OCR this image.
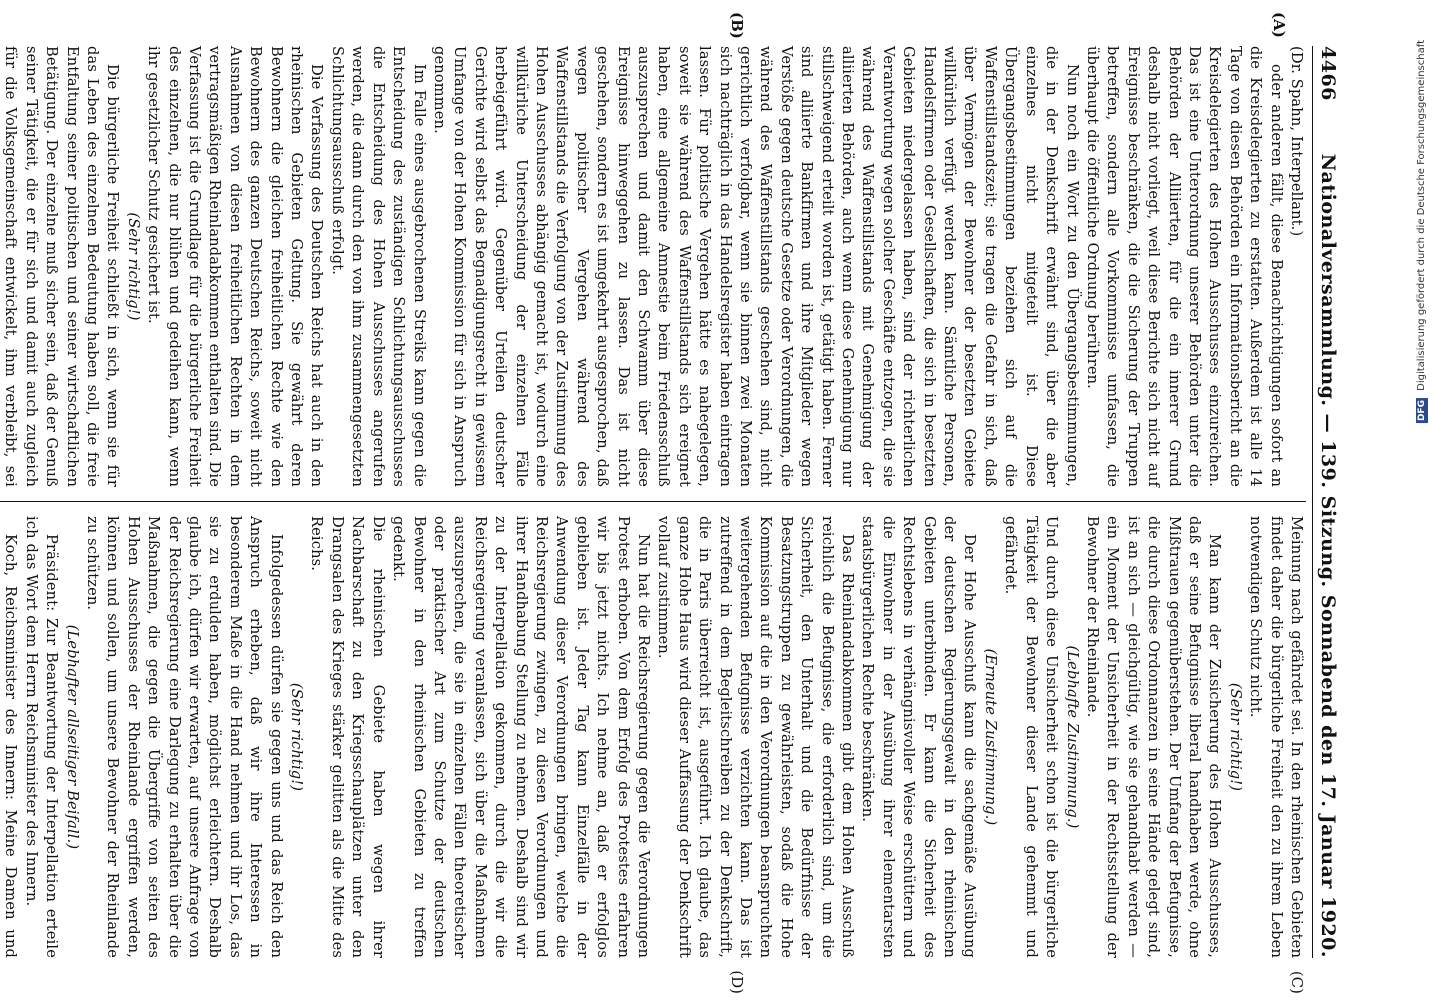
4466
Nationalversammlung. — 139. Sitzung. Sonnabend den 17. Januar 1920.
(A)
(B)

(Dr. Spahn, Interpellant.)

oder anderen fällt, diese Benachrichtigungen sofort an die Kreisdelegierten zu erstatten. Außerdem ist alle 14 Tage von diesen Behörden ein Informationsbericht an die Kreisdelegierten des Hohen Ausschusses einzureichen. Das ist eine Unterordnung unserer Behörden unter die Behörden der Alliierten, für die ein innerer Grund deshalb nicht vorliegt, weil diese Berichte sich nicht auf Ereignisse beschränken, die die Sicherung der Truppen betreffen, sondern alle Vorkommnisse umfassen, die überhaupt die öffentliche Ordnung berühren.

Nun noch ein Wort zu den Übergangsbestimmungen, die in der Denkschrift erwähnt sind, über die aber einzelnes nicht mitgeteilt ist. Diese Übergangsbestimmungen beziehen sich auf die Waffenstillstandszeit; sie tragen die Gefahr in sich, daß über Vermögen der Bewohner der besetzten Gebiete willkürlich verfügt werden kann. Sämtliche Personen, Handelsfirmen oder Gesellschaften, die sich in besetzten Gebieten niedergelassen haben, sind der richterlichen Verantwortung wegen solcher Geschäfte entzogen, die sie während des Waffenstillstands mit Genehmigung der alliierten Behörden, auch wenn diese Genehmigung nur stillschweigend erteilt worden ist, getätigt haben. Ferner sind alliierte Bankfirmen und ihre Mitglieder wegen Verstöße gegen deutsche Gesetze oder Verordnungen, die während des Waffenstillstands geschehen sind, nicht gerichtlich verfolgbar, wenn sie binnen zwei Monaten sich nachträglich in das Handelsregister haben eintragen lassen. Für politische Vergehen hätte es nahegelegen, soweit sie während des Waffenstillstands sich ereignet haben, eine allgemeine Amnestie beim Friedensschluß auszusprechen und damit den Schwamm über diese Ereignisse hinweggehen zu lassen. Das ist nicht geschehen, sondern es ist umgekehrt ausgesprochen, daß wegen politischer Vergehen während des Waffenstillstands die Verfolgung von der Zustimmung des Hohen Ausschusses abhängig gemacht ist, wodurch eine willkürliche Unterscheidung der einzelnen Fälle herbeigeführt wird. Gegenüber Urteilen deutscher Gerichte wird selbst das Begnadigungsrecht in gewissem Umfange von der Hohen Kommission für sich in Anspruch genommen.

Im Falle eines ausgebrochenen Streiks kann gegen die Entscheidung des zuständigen Schlichtungsausschusses die Entscheidung des Hohen Ausschusses angerufen werden, die dann durch den von ihm zusammengesetzten Schlichtungsausschuß erfolgt.

Die Verfassung des Deutschen Reichs hat auch in den rheinischen Gebieten Geltung. Sie gewährt deren Bewohnern die gleichen freiheitlichen Rechte wie den Bewohnern des ganzen Deutschen Reichs, soweit nicht Ausnahmen von diesen freiheitlichen Rechten in dem vertragsmäßigen Rheinlandabkommen enthalten sind. Die Verfassung ist die Grundlage für die bürgerliche Freiheit des einzelnen, die nur blühen und gedeihen kann, wenn ihr gesetzlicher Schutz gesichert ist.

(Sehr richtig!)

Die bürgerliche Freiheit schließt in sich, wenn sie für das Leben des einzelnen Bedeutung haben soll, die freie Entfaltung seiner politischen und seiner wirtschaftlichen Betätigung. Der einzelne muß sicher sein, daß der Genuß seiner Tätigkeit, die er für sich und damit auch zugleich für die Volksgemeinschaft entwickelt, ihm verbleibt, sei

(C)
(D)

Meinung nach gefährdet sei. In den rheinischen Gebieten findet daher die bürgerliche Freiheit den zu ihrem Leben notwendigen Schutz nicht.

(Sehr richtig!)

Man kann der Zusicherung des Hohen Ausschusses, daß er seine Befugnisse liberal handhaben werde, ohne Mißtrauen gegenüberstehen. Der Umfang der Befugnisse, die durch diese Ordonnanzen in seine Hände gelegt sind, ist an sich — gleichgültig, wie sie gehandhabt werden — ein Moment der Unsicherheit in der Rechtsstellung der Bewohner der Rheinlande.

(Lebhafte Zustimmung.)

Und durch diese Unsicherheit schon ist die bürgerliche Tätigkeit der Bewohner dieser Lande gehemmt und gefährdet.

(Erneute Zustimmung.)

Der Hohe Ausschuß kann die sachgemäße Ausübung der deutschen Regierungsgewalt in den rheinischen Gebieten unterbinden. Er kann die Sicherheit des Rechtslebens in verhängnisvoller Weise erschüttern und die Einwohner in der Ausübung ihrer elementarsten staatsbürgerlichen Rechte beschränken.

Das Rheinlandabkommen gibt dem Hohen Ausschuß reichlich die Befugnisse, die erforderlich sind, um die Sicherheit, den Unterhalt und die Bedürfnisse der Besatzungstruppen zu gewährleisten, sodaß die Hohe Kommission auf die in den Verordnungen beanspruchten weitergehenden Befugnisse verzichten kann. Das ist zutreffend in dem Begleitschreiben zu der Denkschrift, die in Paris überreicht ist, ausgeführt. Ich glaube, das ganze Hohe Haus wird dieser Auffassung der Denkschrift vollauf zustimmen.

Nun hat die Reichsregierung gegen die Verordnungen Protest erhoben. Von dem Erfolg des Protestes erfahren wir bis jetzt nichts. Ich nehme an, daß er erfolglos geblieben ist. Jeder Tag kann Einzelfälle in der Anwendung dieser Verordnungen bringen, welche die Reichsregierung zwingen, zu diesen Verordnungen und ihrer Handhabung Stellung zu nehmen. Deshalb sind wir zu der Interpellation gekommen, durch die wir die Reichsregierung veranlassen, sich über die Maßnahmen auszusprechen, die sie in einzelnen Fällen theoretischer oder praktischer Art zum Schutze der deutschen Bewohner in den rheinischen Gebieten zu treffen gedenkt.

Die rheinischen Gebiete haben wegen ihrer Nachbarschaft zu den Kriegsschauplätzen unter den Drangsalen des Krieges stärker gelitten als die Mitte des Reichs.

(Sehr richtig!)

Infolgedessen dürfen sie gegen uns und das Reich den Anspruch erheben, daß wir ihre Interessen in besonderem Maße in die Hand nehmen und ihr Los, das sie zu erdulden haben, möglichst erleichtern. Deshalb glaube ich, dürfen wir erwarten, auf unsere Anfrage von der Reichsregierung eine Darlegung zu erhalten über die Maßnahmen, die gegen die Übergriffe von seiten des Hohen Ausschusses der Rheinlande ergriffen werden, können und sollen, um unsere Bewohner der Rheinlande zu schützen.

(Lebhafter allseitiger Beifall.)

Präsident: Zur Beantwortung der Interpellation erteile ich das Wort dem Herrn Reichsminister des Innern.

Koch, Reichsminister des Innern: Meine Damen und

DFG Digitalisierung gefördert durch die Deutsche Forschungsgemeinschaft
